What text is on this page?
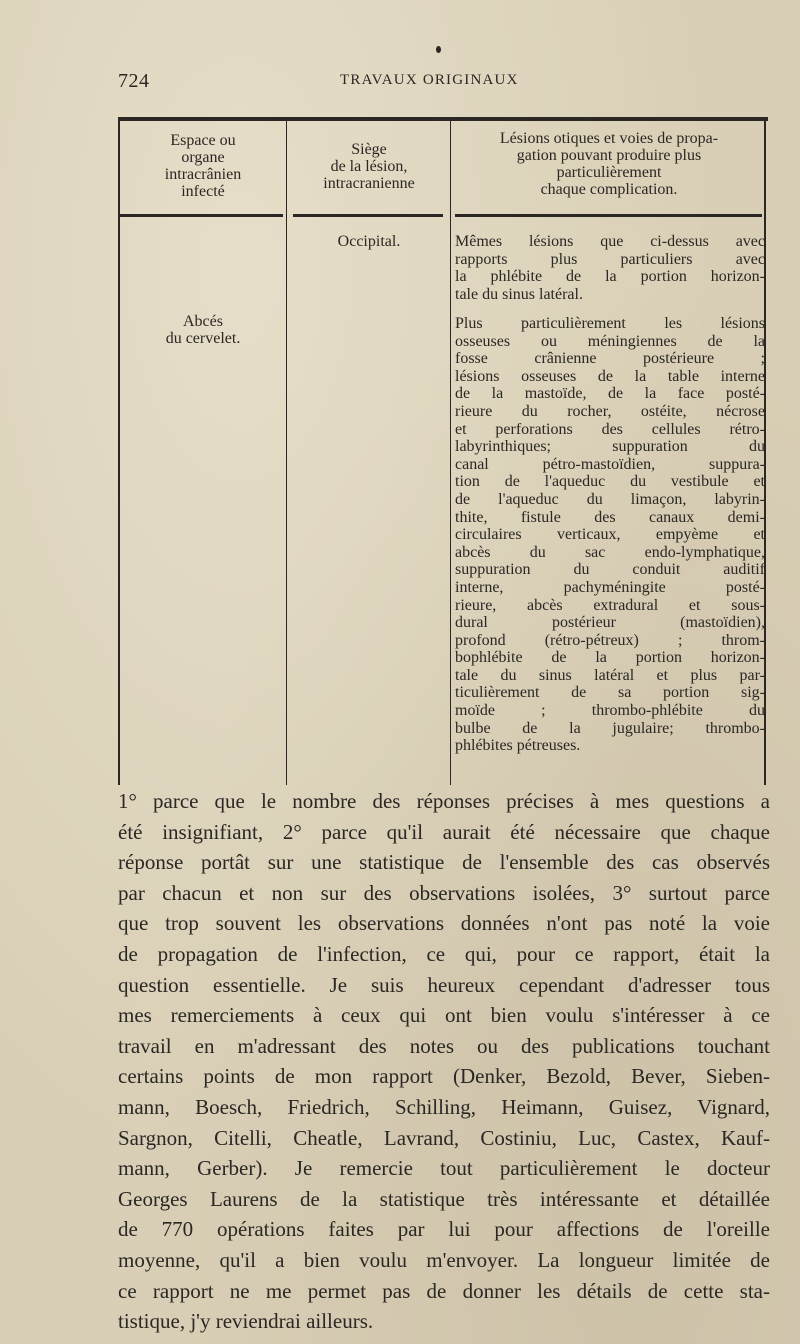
724	TRAVAUX ORIGINAUX
Espace ou
organe
intracrânien
infecté
Siège
de la lésion,
intracranienne
Lésions otiques et voies de propa-
gation pouvant produire plus
particulièrement
chaque complication.
Abcés
du cervelet.
Occipital.	Mêmes lésions que ci-dessus avec
rapports plus particuliers avec
la phlébite de la portion horizon-
tale du sinus latéral.
Plus particulièrement les lésions
osseuses ou méningiennes de la
fosse crânienne postérieure ;
lésions osseuses de la table interne
de la mastoïde, de la face posté-
rieure du rocher, ostéite, nécrose
et perforations des cellules rétro-
labyrinthiques; suppuration du
canal pétro-mastoïdien, suppura-
tion de l'aqueduc du vestibule et
de l'aqueduc du limaçon, labyrin-
thite, fistule des canaux demi-
circulaires verticaux, empyème et
abcès du sac endo-lymphatique,
suppuration du conduit auditif
interne, pachyméningite posté-
rieure, abcès extradural et sous-
dural postérieur (mastoïdien),
profond (rétro-pétreux) ; throm-
bophlébite de la portion horizon-
tale du sinus latéral et plus par-
ticulièrement de sa portion sig-
moïde ; thrombo-phlébite du
bulbe de la jugulaire; thrombo-
phlébites pétreuses.
1° parce que le nombre des réponses précises à mes questions a
été insignifiant, 2° parce qu'il aurait été nécessaire que chaque
réponse portât sur une statistique de l'ensemble des cas observés
par chacun et non sur des observations isolées, 3° surtout parce
que trop souvent les observations données n'ont pas noté la voie
de propagation de l'infection, ce qui, pour ce rapport, était la
question essentielle. Je suis heureux cependant d'adresser tous
mes remerciements à ceux qui ont bien voulu s'intéresser à ce
travail en m'adressant des notes ou des publications touchant
certains points de mon rapport (Denker, Bezold, Bever, Sieben-
mann, Boesch, Friedrich, Schilling, Heimann, Guisez, Vignard,
Sargnon, Citelli, Cheatle, Lavrand, Costiniu, Luc, Castex, Kauf-
mann, Gerber). Je remercie tout particulièrement le docteur
Georges Laurens de la statistique très intéressante et détaillée
de 770 opérations faites par lui pour affections de l'oreille
moyenne, qu'il a bien voulu m'envoyer. La longueur limitée de
ce rapport ne me permet pas de donner les détails de cette sta-
tistique, j'y reviendrai ailleurs.
